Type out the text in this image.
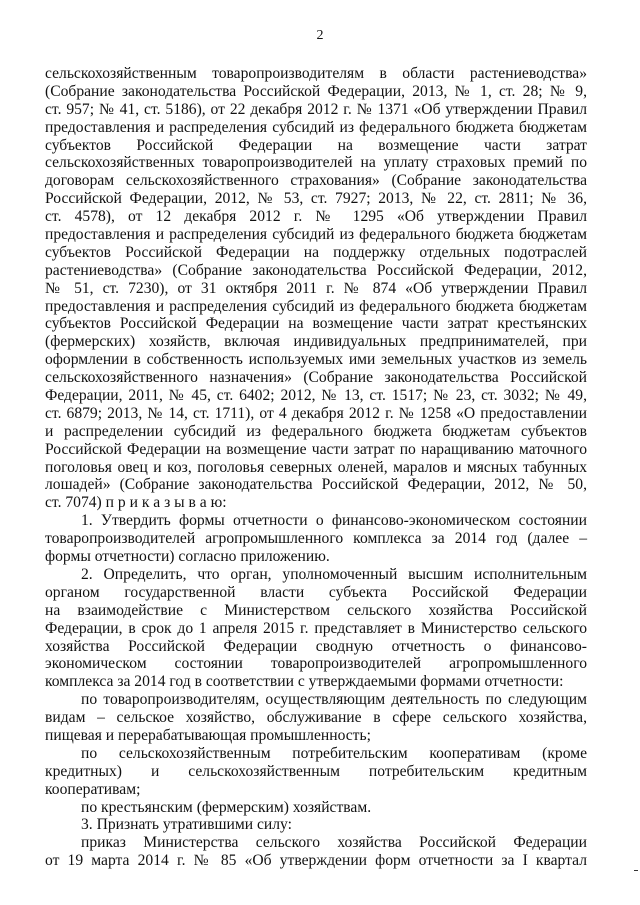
2
сельскохозяйственным товаропроизводителям в области растениеводства»
(Собрание законодательства Российской Федерации, 2013, № 1, ст. 28; № 9,
ст. 957; № 41, ст. 5186), от 22 декабря 2012 г. № 1371 «Об утверждении Правил
предоставления и распределения субсидий из федерального бюджета бюджетам
субъектов Российской Федерации на возмещение части затрат
сельскохозяйственных товаропроизводителей на уплату страховых премий по
договорам сельскохозяйственного страхования» (Собрание законодательства
Российской Федерации, 2012, № 53, ст. 7927; 2013, № 22, ст. 2811; № 36,
ст. 4578), от 12 декабря 2012 г. № 1295 «Об утверждении Правил
предоставления и распределения субсидий из федерального бюджета бюджетам
субъектов Российской Федерации на поддержку отдельных подотраслей
растениеводства» (Собрание законодательства Российской Федерации, 2012,
№ 51, ст. 7230), от 31 октября 2011 г. № 874 «Об утверждении Правил
предоставления и распределения субсидий из федерального бюджета бюджетам
субъектов Российской Федерации на возмещение части затрат крестьянских
(фермерских) хозяйств, включая индивидуальных предпринимателей, при
оформлении в собственность используемых ими земельных участков из земель
сельскохозяйственного назначения» (Собрание законодательства Российской
Федерации, 2011, № 45, ст. 6402; 2012, № 13, ст. 1517; № 23, ст. 3032; № 49,
ст. 6879; 2013, № 14, ст. 1711), от 4 декабря 2012 г. № 1258 «О предоставлении
и распределении субсидий из федерального бюджета бюджетам субъектов
Российской Федерации на возмещение части затрат по наращиванию маточного
поголовья овец и коз, поголовья северных оленей, маралов и мясных табунных
лошадей» (Собрание законодательства Российской Федерации, 2012, № 50,
ст. 7074) п р и к а з ы в а ю:
1. Утвердить формы отчетности о финансово-экономическом состоянии
товаропроизводителей агропромышленного комплекса за 2014 год (далее –
формы отчетности) согласно приложению.
2. Определить, что орган, уполномоченный высшим исполнительным
органом государственной власти субъекта Российской Федерации
на взаимодействие с Министерством сельского хозяйства Российской
Федерации, в срок до 1 апреля 2015 г. представляет в Министерство сельского
хозяйства Российской Федерации сводную отчетность о финансово-
экономическом состоянии товаропроизводителей агропромышленного
комплекса за 2014 год в соответствии с утверждаемыми формами отчетности:
по товаропроизводителям, осуществляющим деятельность по следующим
видам – сельское хозяйство, обслуживание в сфере сельского хозяйства,
пищевая и перерабатывающая промышленность;
по сельскохозяйственным потребительским кооперативам (кроме
кредитных) и сельскохозяйственным потребительским кредитным
кооперативам;
по крестьянским (фермерским) хозяйствам.
3. Признать утратившими силу:
приказ Министерства сельского хозяйства Российской Федерации
от 19 марта 2014 г. № 85 «Об утверждении форм отчетности за I квартал
